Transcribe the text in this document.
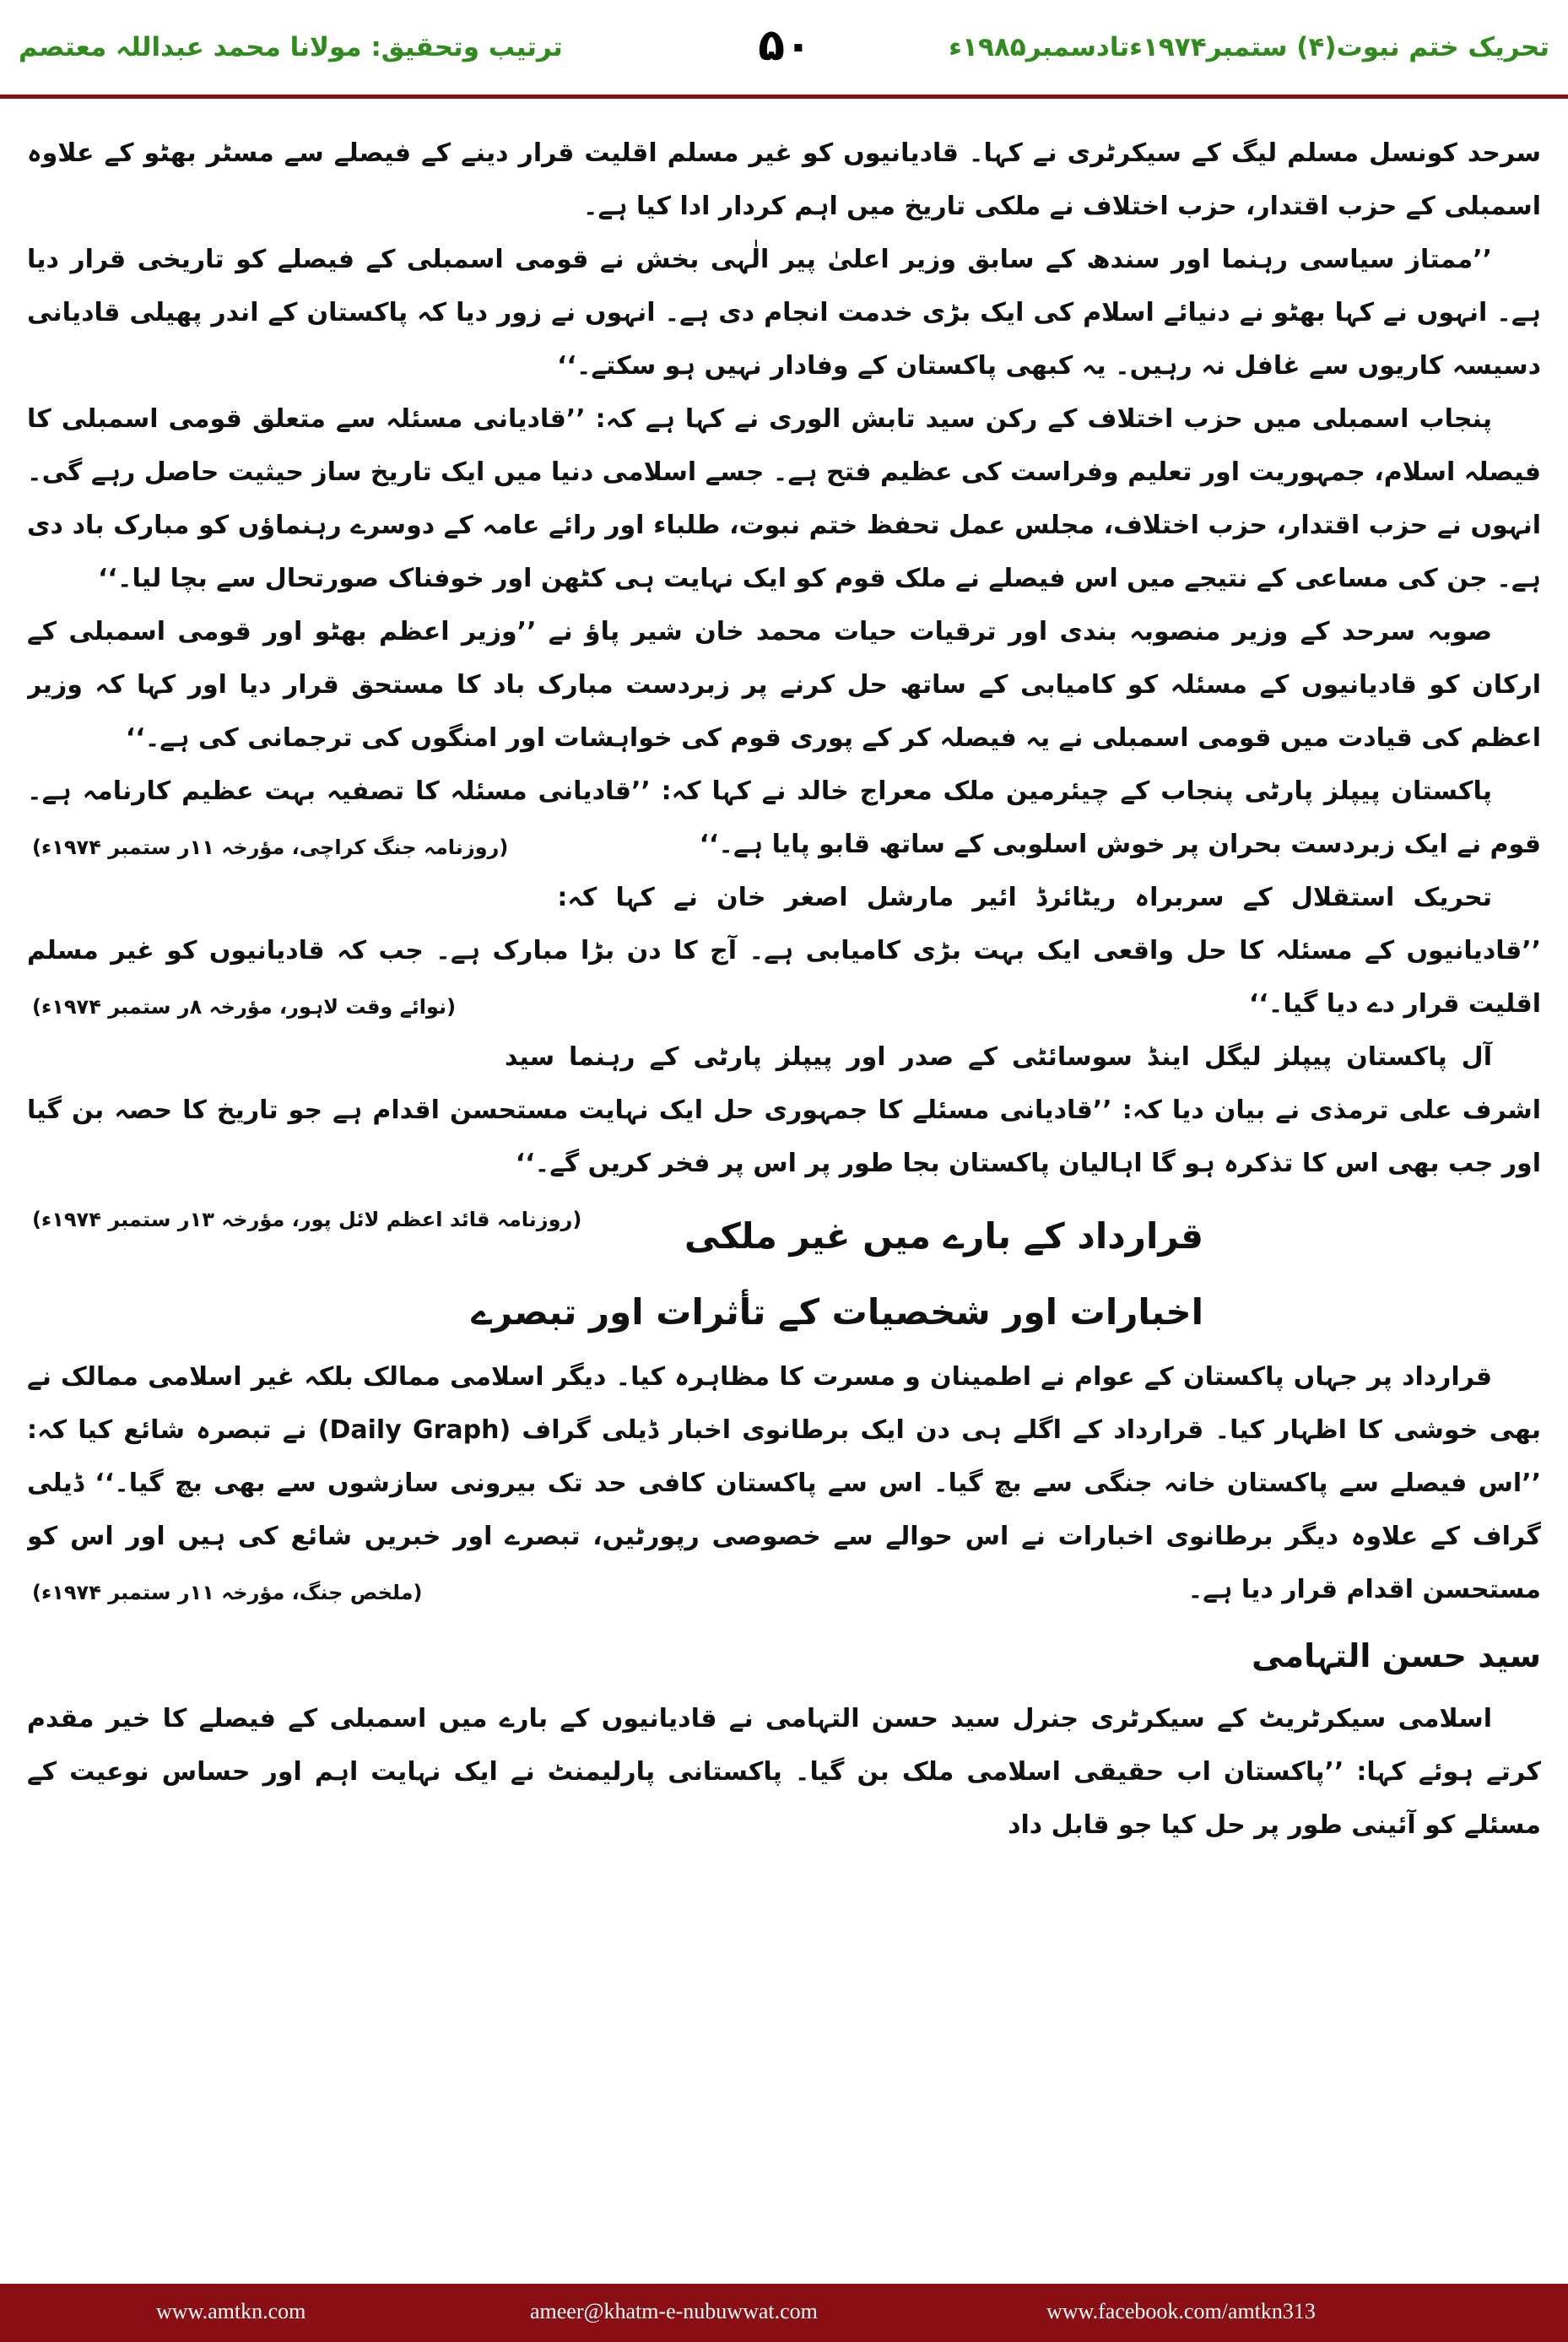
ترتیب وتحقیق: مولانا محمد عبداللہ معتصم	۵۰	تحریک ختم نبوت(۴) ستمبر۱۹۷۴ءتادسمبر۱۹۸۵ء

سرحد کونسل مسلم لیگ کے سیکرٹری نے کہا۔ قادیانیوں کو غیر مسلم اقلیت قرار دینے کے فیصلے سے مسٹر بھٹو کے علاوہ اسمبلی کے حزب اقتدار، حزب اختلاف نے ملکی تاریخ میں اہم کردار ادا کیا ہے۔

’’ممتاز سیاسی رہنما اور سندھ کے سابق وزیر اعلیٰ پیر الٰہی بخش نے قومی اسمبلی کے فیصلے کو تاریخی قرار دیا ہے۔ انہوں نے کہا بھٹو نے دنیائے اسلام کی ایک بڑی خدمت انجام دی ہے۔ انہوں نے زور دیا کہ پاکستان کے اندر پھیلی قادیانی دسیسہ کاریوں سے غافل نہ رہیں۔ یہ کبھی پاکستان کے وفادار نہیں ہو سکتے۔‘‘

پنجاب اسمبلی میں حزب اختلاف کے رکن سید تابش الوری نے کہا ہے کہ: ’’قادیانی مسئلہ سے متعلق قومی اسمبلی کا فیصلہ اسلام، جمہوریت اور تعلیم وفراست کی عظیم فتح ہے۔ جسے اسلامی دنیا میں ایک تاریخ ساز حیثیت حاصل رہے گی۔ انہوں نے حزب اقتدار، حزب اختلاف، مجلس عمل تحفظ ختم نبوت، طلباء اور رائے عامہ کے دوسرے رہنماؤں کو مبارک باد دی ہے۔ جن کی مساعی کے نتیجے میں اس فیصلے نے ملک قوم کو ایک نہایت ہی کٹھن اور خوفناک صورتحال سے بچا لیا۔‘‘

صوبہ سرحد کے وزیر منصوبہ بندی اور ترقیات حیات محمد خان شیر پاؤ نے ’’وزیر اعظم بھٹو اور قومی اسمبلی کے ارکان کو قادیانیوں کے مسئلہ کو کامیابی کے ساتھ حل کرنے پر زبردست مبارک باد کا مستحق قرار دیا اور کہا کہ وزیر اعظم کی قیادت میں قومی اسمبلی نے یہ فیصلہ کر کے پوری قوم کی خواہشات اور امنگوں کی ترجمانی کی ہے۔‘‘

پاکستان پیپلز پارٹی پنجاب کے چیئرمین ملک معراج خالد نے کہا کہ: ’’قادیانی مسئلہ کا تصفیہ بہت عظیم کارنامہ ہے۔ قوم نے ایک زبردست بحران پر خوش اسلوبی کے ساتھ قابو پایا ہے۔‘‘
(روزنامہ جنگ کراچی، مؤرخہ ۱۱ر ستمبر ۱۹۷۴ء)

تحریک استقلال کے سربراہ ریٹائرڈ ائیر مارشل اصغر خان نے کہا کہ: ’’قادیانیوں کے مسئلہ کا حل واقعی ایک بہت بڑی کامیابی ہے۔ آج کا دن بڑا مبارک ہے۔ جب کہ قادیانیوں کو غیر مسلم اقلیت قرار دے دیا گیا۔‘‘
(نوائے وقت لاہور، مؤرخہ ۸ر ستمبر ۱۹۷۴ء)

آل پاکستان پیپلز لیگل اینڈ سوسائٹی کے صدر اور پیپلز پارٹی کے رہنما سید اشرف علی ترمذی نے بیان دیا کہ: ’’قادیانی مسئلے کا جمہوری حل ایک نہایت مستحسن اقدام ہے جو تاریخ کا حصہ بن گیا اور جب بھی اس کا تذکرہ ہو گا اہالیان پاکستان بجا طور پر اس پر فخر کریں گے۔‘‘
(روزنامہ قائد اعظم لائل پور، مؤرخہ ۱۳ر ستمبر ۱۹۷۴ء)	قرارداد کے بارے میں غیر ملکی اخبارات اور شخصیات کے تأثرات اور تبصرے

قرارداد پر جہاں پاکستان کے عوام نے اطمینان و مسرت کا مظاہرہ کیا۔ دیگر اسلامی ممالک بلکہ غیر اسلامی ممالک نے بھی خوشی کا اظہار کیا۔ قرارداد کے اگلے ہی دن ایک برطانوی اخبار ڈیلی گراف (Daily Graph) نے تبصرہ شائع کیا کہ: ’’اس فیصلے سے پاکستان خانہ جنگی سے بچ گیا۔ اس سے پاکستان کافی حد تک بیرونی سازشوں سے بھی بچ گیا۔‘‘ ڈیلی گراف کے علاوہ دیگر برطانوی اخبارات نے اس حوالے سے خصوصی رپورٹیں، تبصرے اور خبریں شائع کی ہیں اور اس کو مستحسن اقدام قرار دیا ہے۔
(ملخص جنگ، مؤرخہ ۱۱ر ستمبر ۱۹۷۴ء)

سید حسن التہامی

اسلامی سیکرٹریٹ کے سیکرٹری جنرل سید حسن التہامی نے قادیانیوں کے بارے میں اسمبلی کے فیصلے کا خیر مقدم کرتے ہوئے کہا: ’’پاکستان اب حقیقی اسلامی ملک بن گیا۔ پاکستانی پارلیمنٹ نے ایک نہایت اہم اور حساس نوعیت کے مسئلے کو آئینی طور پر حل کیا جو قابل داد

www.amtkn.com	ameer@khatm-e-nubuwwat.com	www.facebook.com/amtkn313
